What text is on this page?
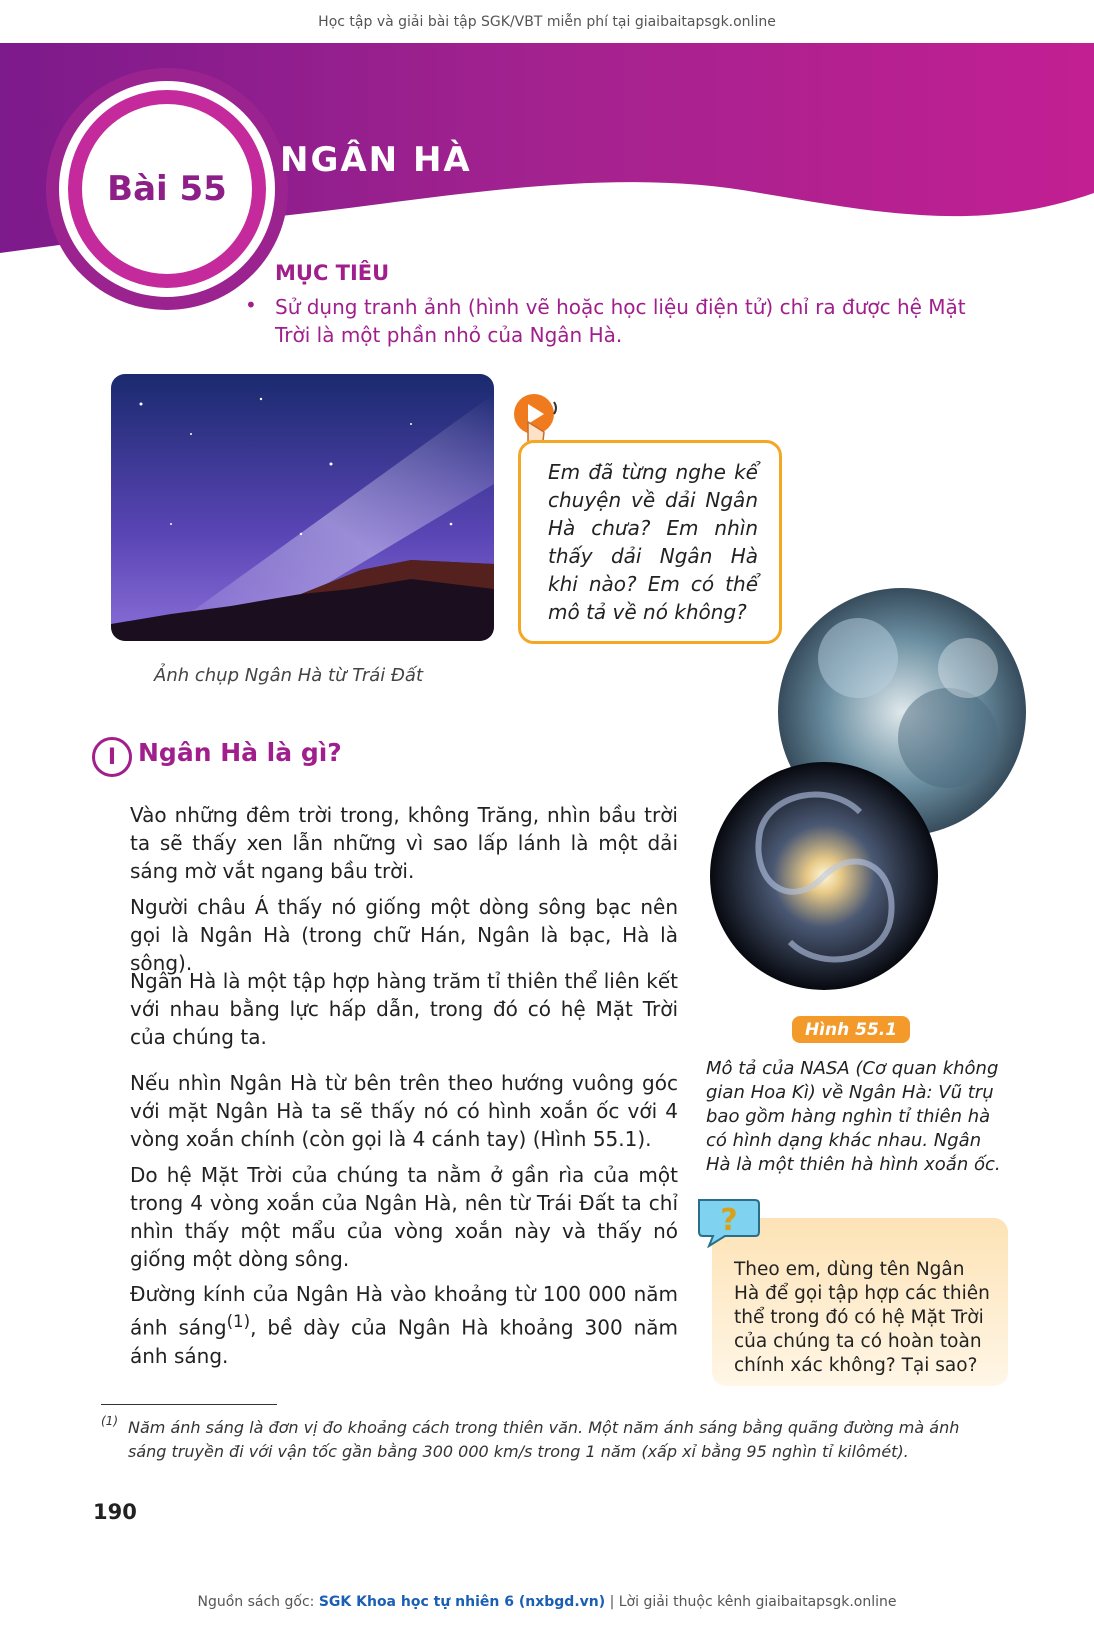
Học tập và giải bài tập SGK/VBT miễn phí tại giaibaitapsgk.online
Bài 55
NGÂN HÀ
MỤC TIÊU
• Sử dụng tranh ảnh (hình vẽ hoặc học liệu điện tử) chỉ ra được hệ Mặt Trời là một phần nhỏ của Ngân Hà.
Ảnh chụp Ngân Hà từ Trái Đất
Em đã từng nghe kể chuyện về dải Ngân Hà chưa? Em nhìn thấy dải Ngân Hà khi nào? Em có thể mô tả về nó không?
Hình 55.1
Mô tả của NASA (Cơ quan không gian Hoa Kì) về Ngân Hà: Vũ trụ bao gồm hàng nghìn tỉ thiên hà có hình dạng khác nhau. Ngân Hà là một thiên hà hình xoắn ốc.
I Ngân Hà là gì?
Vào những đêm trời trong, không Trăng, nhìn bầu trời ta sẽ thấy xen lẫn những vì sao lấp lánh là một dải sáng mờ vắt ngang bầu trời.
Người châu Á thấy nó giống một dòng sông bạc nên gọi là Ngân Hà (trong chữ Hán, Ngân là bạc, Hà là sông).
Ngân Hà là một tập hợp hàng trăm tỉ thiên thể liên kết với nhau bằng lực hấp dẫn, trong đó có hệ Mặt Trời của chúng ta.
Nếu nhìn Ngân Hà từ bên trên theo hướng vuông góc với mặt Ngân Hà ta sẽ thấy nó có hình xoắn ốc với 4 vòng xoắn chính (còn gọi là 4 cánh tay) (Hình 55.1).
Do hệ Mặt Trời của chúng ta nằm ở gần rìa của một trong 4 vòng xoắn của Ngân Hà, nên từ Trái Đất ta chỉ nhìn thấy một mẩu của vòng xoắn này và thấy nó giống một dòng sông.
Đường kính của Ngân Hà vào khoảng từ 100 000 năm ánh sáng$^{(1)}$, bề dày của Ngân Hà khoảng 300 năm ánh sáng.
?
Theo em, dùng tên Ngân Hà để gọi tập hợp các thiên thể trong đó có hệ Mặt Trời của chúng ta có hoàn toàn chính xác không? Tại sao?
(1) Năm ánh sáng là đơn vị đo khoảng cách trong thiên văn. Một năm ánh sáng bằng quãng đường mà ánh sáng truyền đi với vận tốc gần bằng 300 000 km/s trong 1 năm (xấp xỉ bằng 95 nghìn tỉ kilômét).
190
Nguồn sách gốc: SGK Khoa học tự nhiên 6 (nxbgd.vn) | Lời giải thuộc kênh giaibaitapsgk.online
